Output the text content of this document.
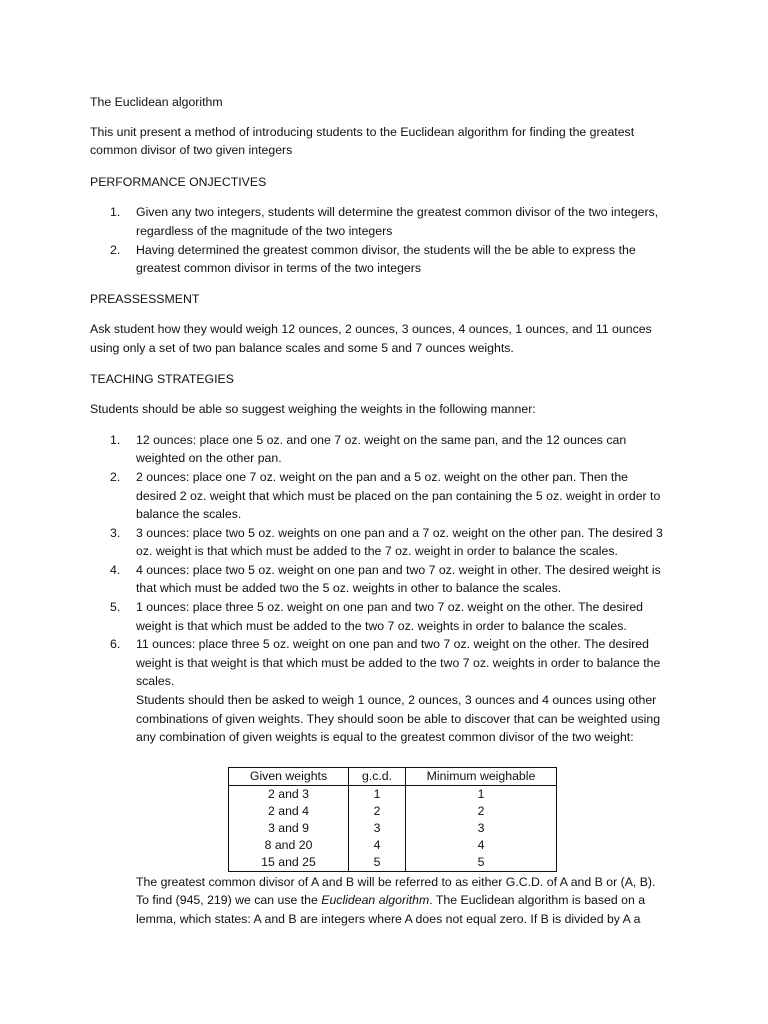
The Euclidean algorithm

This unit present a method of introducing students to the Euclidean algorithm for finding the greatest common divisor of two given integers

PERFORMANCE ONJECTIVES

1. Given any two integers, students will determine the greatest common divisor of the two integers, regardless of the magnitude of the two integers
2. Having determined the greatest common divisor, the students will the be able to express the greatest common divisor in terms of the two integers

PREASSESSMENT

Ask student how they would weigh 12 ounces, 2 ounces, 3 ounces, 4 ounces, 1 ounces, and 11 ounces using only a set of two pan balance scales and some 5 and 7 ounces weights.

TEACHING STRATEGIES

Students should be able so suggest weighing the weights in the following manner:

1. 12 ounces: place one 5 oz. and one 7 oz. weight on the same pan, and the 12 ounces can weighted on the other pan.
2. 2 ounces: place one 7 oz. weight on the pan and a 5 oz. weight on the other pan. Then the desired 2 oz. weight that which must be placed on the pan containing the 5 oz. weight in order to balance the scales.
3. 3 ounces: place two 5 oz. weights on one pan and a 7 oz. weight on the other pan. The desired 3 oz. weight is that which must be added to the 7 oz. weight in order to balance the scales.
4. 4 ounces: place two 5 oz. weight on one pan and two 7 oz. weight in other. The desired weight is that which must be added two the 5 oz. weights in other to balance the scales.
5. 1 ounces: place three 5 oz. weight on one pan and two 7 oz. weight on the other. The desired weight is that which must be added to the two 7 oz. weights in order to balance the scales.
6. 11 ounces: place three 5 oz. weight on one pan and two 7 oz. weight on the other. The desired weight is that weight is that which must be added to the two 7 oz. weights in order to balance the scales.

Students should then be asked to weigh 1 ounce, 2 ounces, 3 ounces and 4 ounces using other combinations of given weights. They should soon be able to discover that can be weighted using any combination of given weights is equal to the greatest common divisor of the two weight:

Given weights	g.c.d.	Minimum weighable
2 and 3	1	1
2 and 4	2	2
3 and 9	3	3
8 and 20	4	4
15 and 25	5	5

The greatest common divisor of A and B will be referred to as either G.C.D. of A and B or (A, B). To find (945, 219) we can use the Euclidean algorithm. The Euclidean algorithm is based on a lemma, which states: A and B are integers where A does not equal zero. If B is divided by A a
